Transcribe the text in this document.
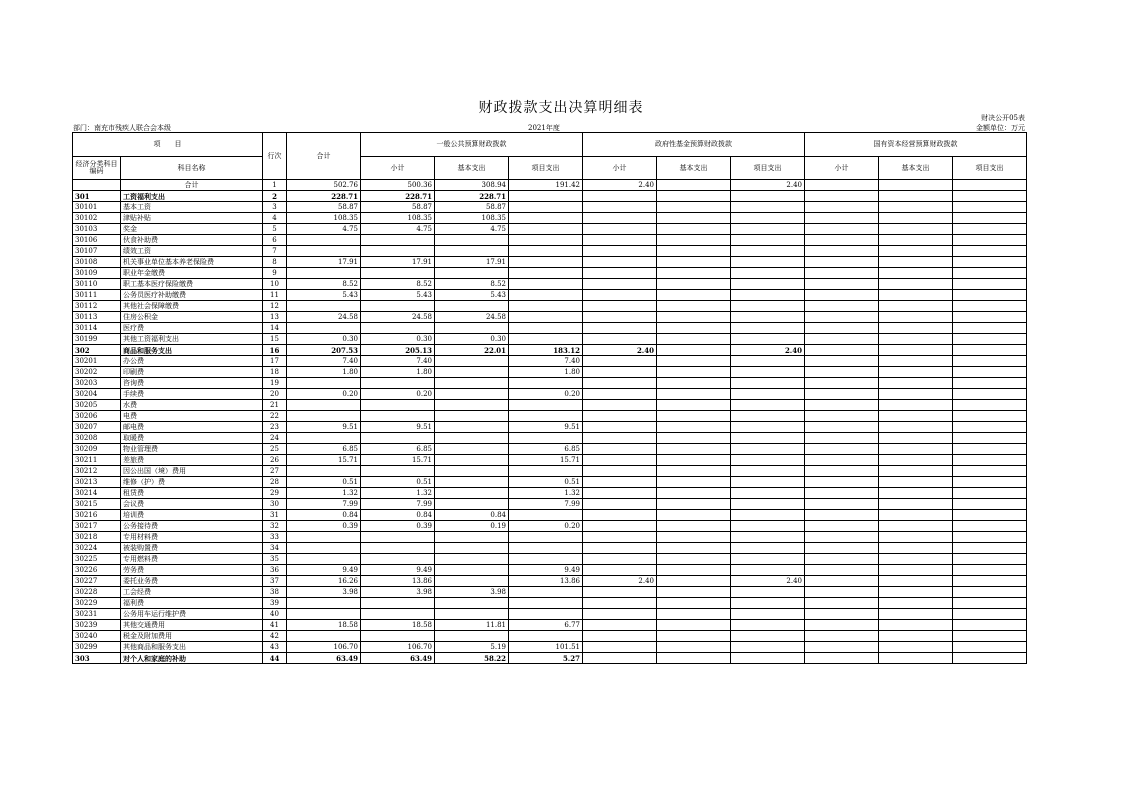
财政拨款支出决算明细表
财决公开05表
部门：南充市残疾人联合会本级	2021年度	金额单位：万元
项　　目		行次	合计	一般公共预算财政拨款			政府性基金预算财政拨款			国有资本经营预算财政拨款		
经济分类科目编码	科目名称			小计	基本支出	项目支出	小计	基本支出	项目支出	小计	基本支出	项目支出
	合计	1	502.76	500.36	308.94	191.42	2.40		2.40			
301	工资福利支出	2	228.71	228.71	228.71							
30101	基本工资	3	58.87	58.87	58.87							
30102	津贴补贴	4	108.35	108.35	108.35							
30103	奖金	5	4.75	4.75	4.75							
30106	伙食补助费	6										
30107	绩效工资	7										
30108	机关事业单位基本养老保险费	8	17.91	17.91	17.91							
30109	职业年金缴费	9										
30110	职工基本医疗保险缴费	10	8.52	8.52	8.52							
30111	公务员医疗补助缴费	11	5.43	5.43	5.43							
30112	其他社会保障缴费	12										
30113	住房公积金	13	24.58	24.58	24.58							
30114	医疗费	14										
30199	其他工资福利支出	15	0.30	0.30	0.30							
302	商品和服务支出	16	207.53	205.13	22.01	183.12	2.40		2.40			
30201	办公费	17	7.40	7.40		7.40						
30202	印刷费	18	1.80	1.80		1.80						
30203	咨询费	19										
30204	手续费	20	0.20	0.20		0.20						
30205	水费	21										
30206	电费	22										
30207	邮电费	23	9.51	9.51		9.51						
30208	取暖费	24										
30209	物业管理费	25	6.85	6.85		6.85						
30211	差旅费	26	15.71	15.71		15.71						
30212	因公出国（境）费用	27										
30213	维修（护）费	28	0.51	0.51		0.51						
30214	租赁费	29	1.32	1.32		1.32						
30215	会议费	30	7.99	7.99		7.99						
30216	培训费	31	0.84	0.84	0.84							
30217	公务接待费	32	0.39	0.39	0.19	0.20						
30218	专用材料费	33										
30224	被装购置费	34										
30225	专用燃料费	35										
30226	劳务费	36	9.49	9.49		9.49						
30227	委托业务费	37	16.26	13.86		13.86	2.40		2.40			
30228	工会经费	38	3.98	3.98	3.98							
30229	福利费	39										
30231	公务用车运行维护费	40										
30239	其他交通费用	41	18.58	18.58	11.81	6.77						
30240	税金及附加费用	42										
30299	其他商品和服务支出	43	106.70	106.70	5.19	101.51						
303	对个人和家庭的补助	44	63.49	63.49	58.22	5.27						
